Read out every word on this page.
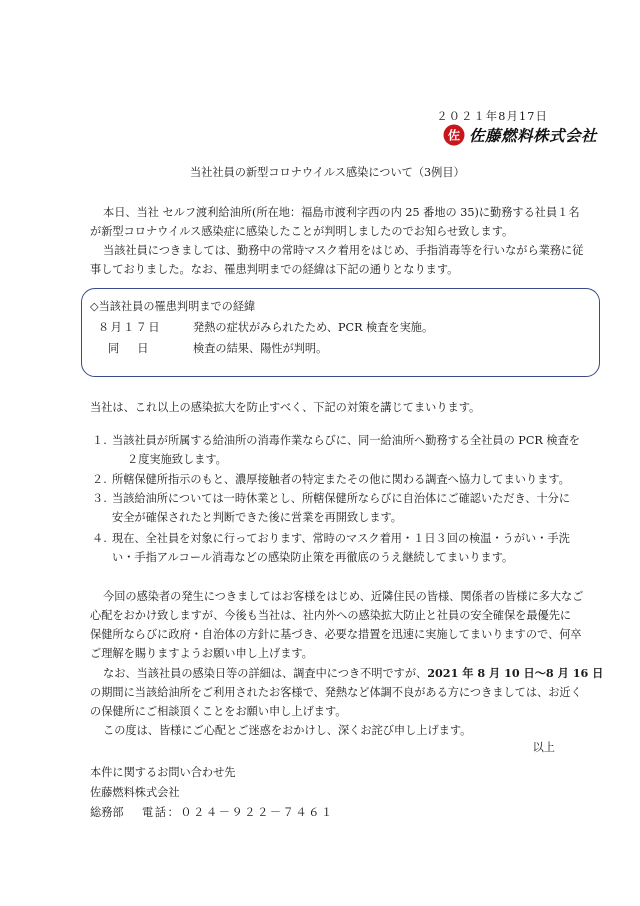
２０２１年8月17日
佐 佐藤燃料株式会社
当社社員の新型コロナウイルス感染について（3例目）
本日、当社 セルフ渡利給油所(所在地：福島市渡利字西の内 25 番地の 35)に勤務する社員１名
が新型コロナウイルス感染症に感染したことが判明しましたのでお知らせ致します。
当該社員につきましては、勤務中の常時マスク着用をはじめ、手指消毒等を行いながら業務に従
事しておりました。なお、罹患判明までの経緯は下記の通りとなります。
◇当該社員の罹患判明までの経緯
８月１７日	発熱の症状がみられたため、PCR 検査を実施。
同日 検査の結果、陽性が判明。
当社は、これ以上の感染拡大を防止すべく、下記の対策を講じてまいります。
１. 当該社員が所属する給油所の消毒作業ならびに、同一給油所へ勤務する全社員の PCR 検査を
２度実施致します。
２. 所轄保健所指示のもと、濃厚接触者の特定またその他に関わる調査へ協力してまいります。
３. 当該給油所については一時休業とし、所轄保健所ならびに自治体にご確認いただき、十分に
安全が確保されたと判断できた後に営業を再開致します。
４. 現在、全社員を対象に行っております、常時のマスク着用・１日３回の検温・うがい・手洗
い・手指アルコール消毒などの感染防止策を再徹底のうえ継続してまいります。
今回の感染者の発生につきましてはお客様をはじめ、近隣住民の皆様、関係者の皆様に多大なご
心配をおかけ致しますが、今後も当社は、社内外への感染拡大防止と社員の安全確保を最優先に
保健所ならびに政府・自治体の方針に基づき、必要な措置を迅速に実施してまいりますので、何卒
ご理解を賜りますようお願い申し上げます。
なお、当該社員の感染日等の詳細は、調査中につき不明ですが、2021 年 8 月 10 日～8 月 16 日
の期間に当該給油所をご利用されたお客様で、発熱など体調不良がある方につきましては、お近く
の保健所にご相談頂くことをお願い申し上げます。
この度は、皆様にご心配とご迷惑をおかけし、深くお詫び申し上げます。
以上
本件に関するお問い合わせ先
佐藤燃料株式会社
総務部 電話：０２４－９２２－７４６１
